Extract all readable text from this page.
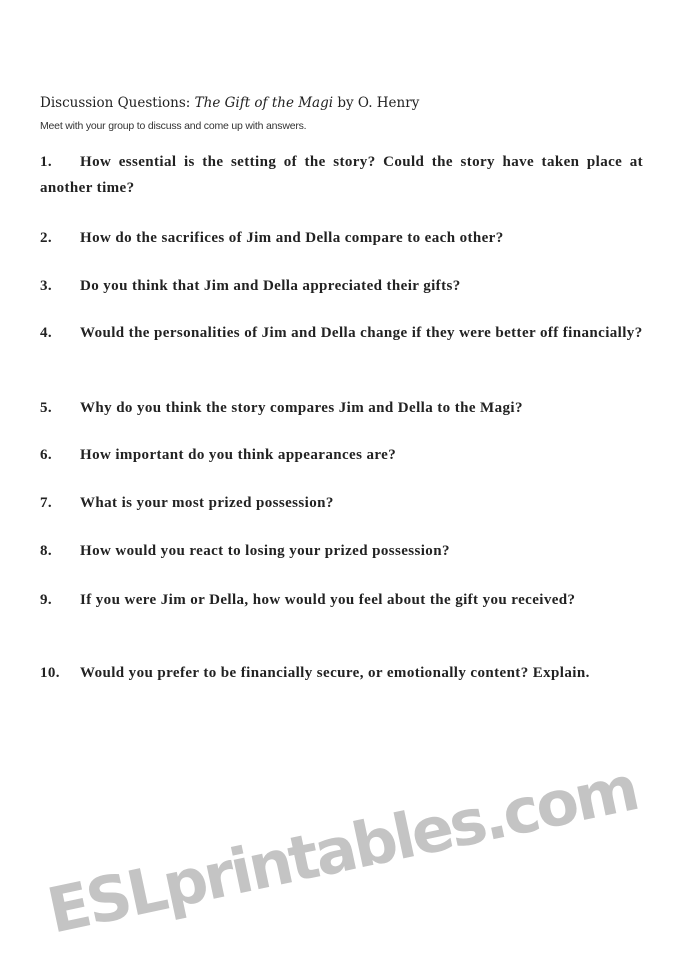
Discussion Questions: The Gift of the Magi by O. Henry
Meet with your group to discuss and come up with answers.
1. How essential is the setting of the story? Could the story have taken place at another time?
2. How do the sacrifices of Jim and Della compare to each other?
3. Do you think that Jim and Della appreciated their gifts?
4. Would the personalities of Jim and Della change if they were better off financially?
5. Why do you think the story compares Jim and Della to the Magi?
6. How important do you think appearances are?
7. What is your most prized possession?
8. How would you react to losing your prized possession?
9. If you were Jim or Della, how would you feel about the gift you received?
10. Would you prefer to be financially secure, or emotionally content? Explain.
ESLprintables.com
